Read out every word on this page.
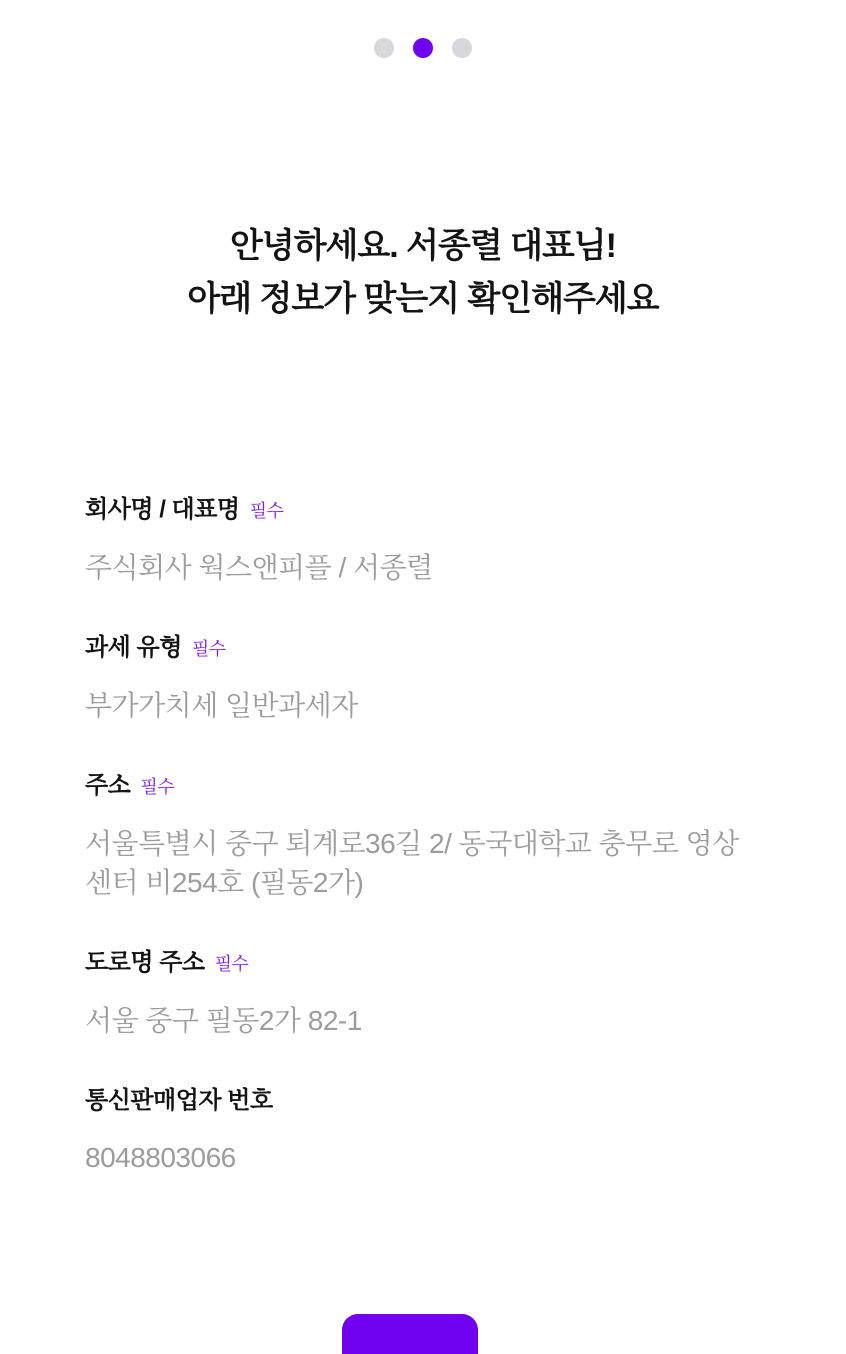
안녕하세요. 서종렬 대표님!
아래 정보가 맞는지 확인해주세요
회사명 / 대표명 필수
주식회사 웍스앤피플 / 서종렬
과세 유형 필수
부가가치세 일반과세자
주소 필수
서울특별시 중구 퇴계로36길 2/ 동국대학교 충무로 영상센터 비254호 (필동2가)
도로명 주소 필수
서울 중구 필동2가 82-1
통신판매업자 번호
8048803066
